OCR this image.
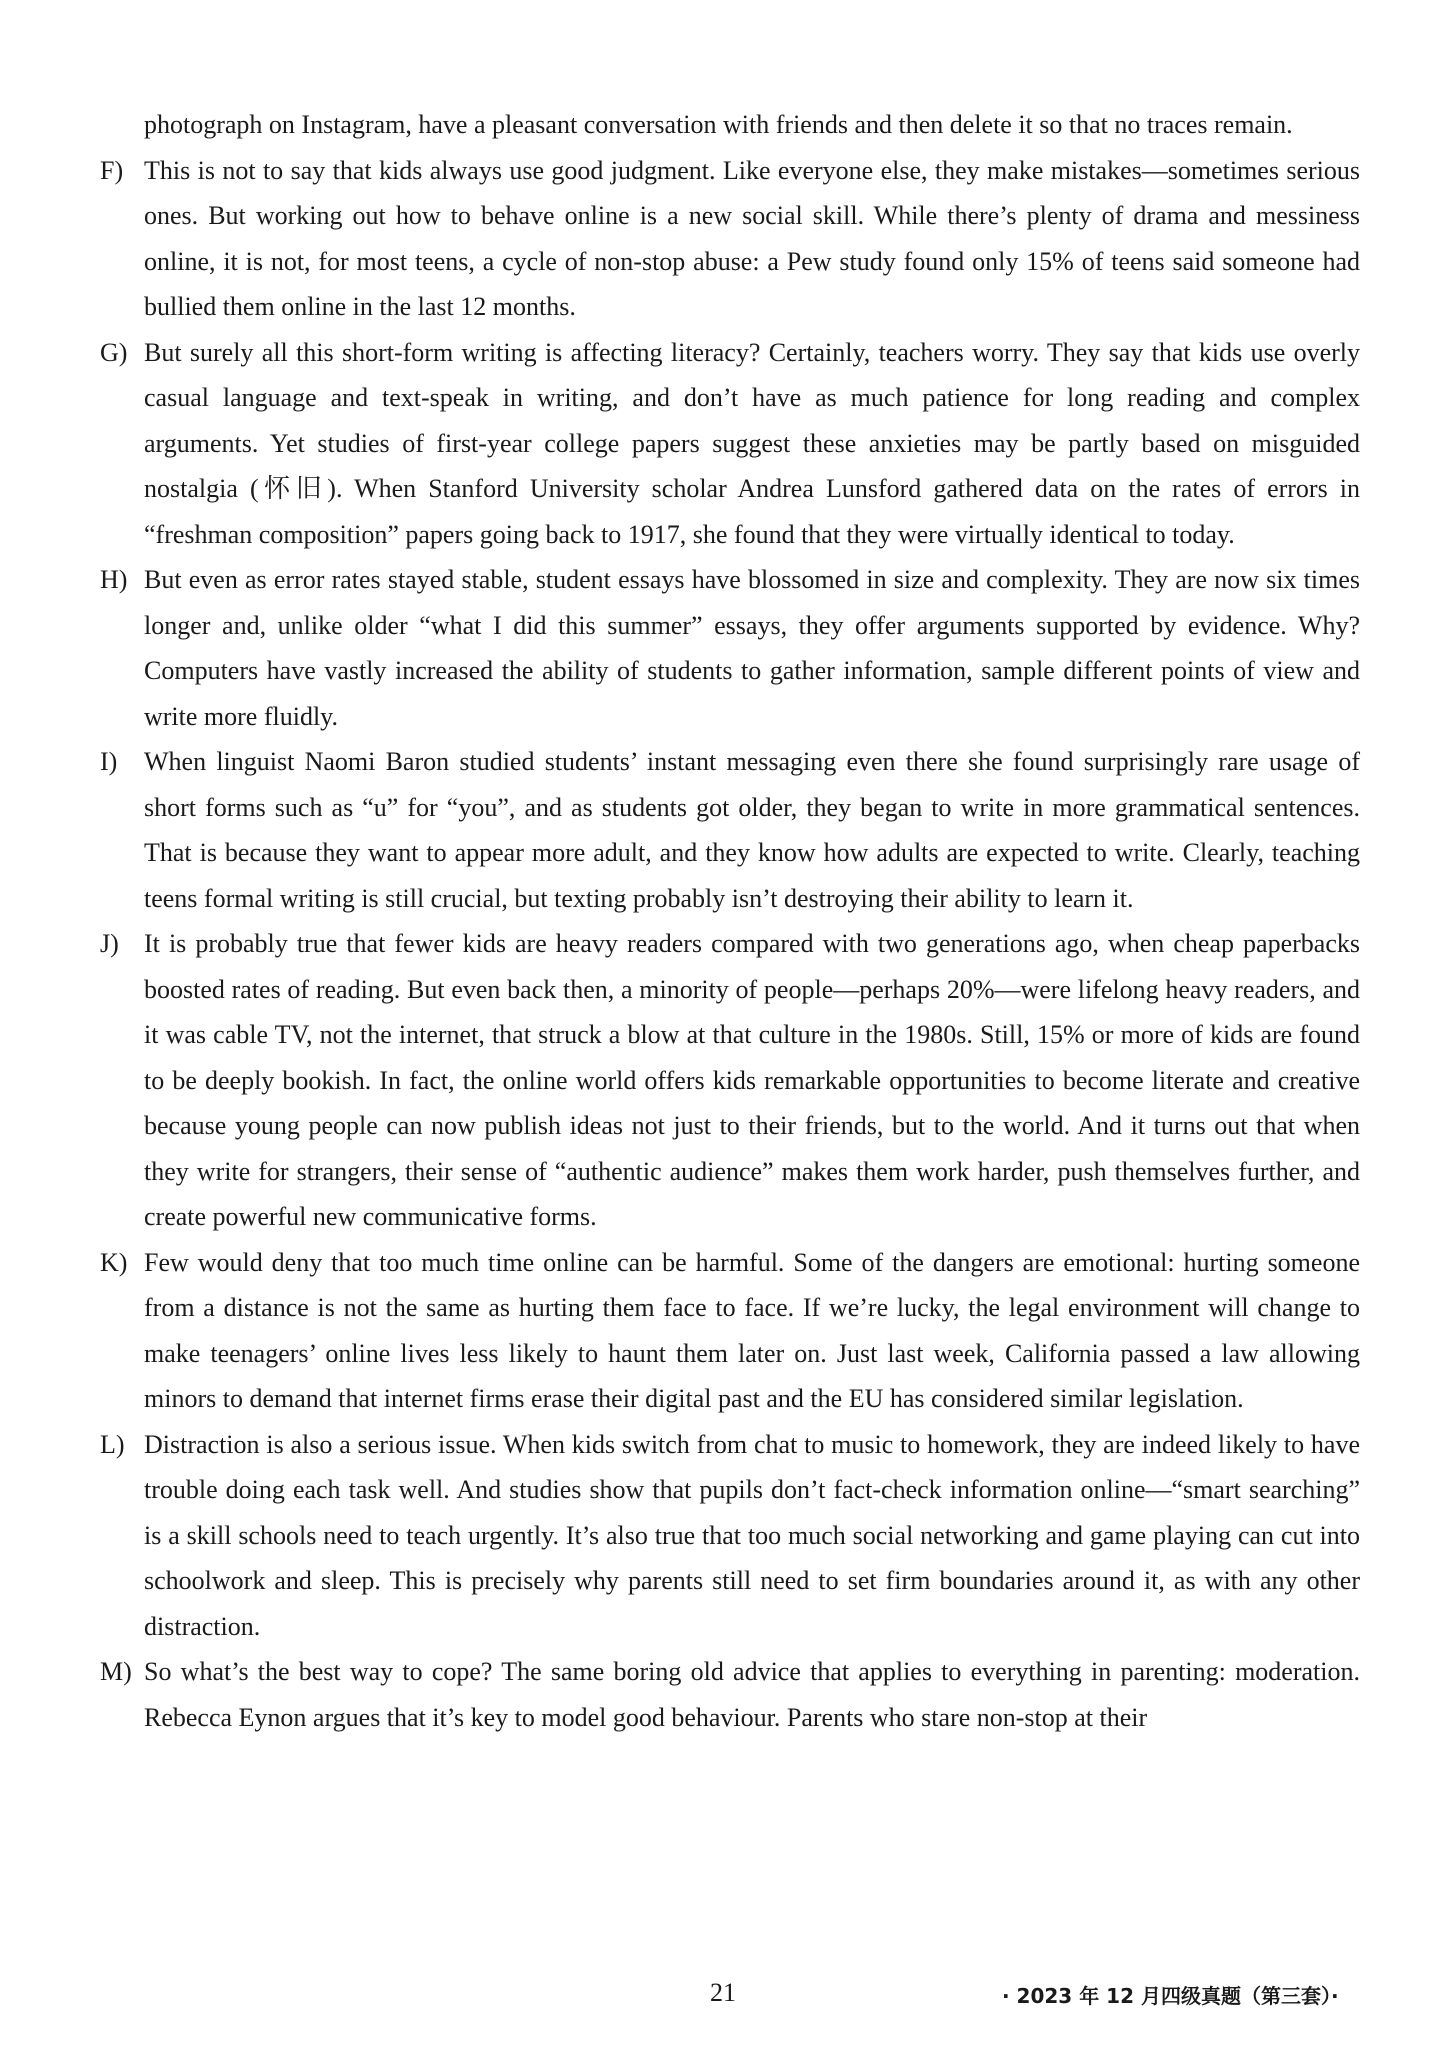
photograph on Instagram, have a pleasant conversation with friends and then delete it so that no traces remain.

F) This is not to say that kids always use good judgment. Like everyone else, they make mistakes—sometimes serious ones. But working out how to behave online is a new social skill. While there’s plenty of drama and messiness online, it is not, for most teens, a cycle of non-stop abuse: a Pew study found only 15% of teens said someone had bullied them online in the last 12 months.

G) But surely all this short-form writing is affecting literacy? Certainly, teachers worry. They say that kids use overly casual language and text-speak in writing, and don’t have as much patience for long reading and complex arguments. Yet studies of first-year college papers suggest these anxieties may be partly based on misguided nostalgia (怀旧). When Stanford University scholar Andrea Lunsford gathered data on the rates of errors in “freshman composition” papers going back to 1917, she found that they were virtually identical to today.

H) But even as error rates stayed stable, student essays have blossomed in size and complexity. They are now six times longer and, unlike older “what I did this summer” essays, they offer arguments supported by evidence. Why? Computers have vastly increased the ability of students to gather information, sample different points of view and write more fluidly.

I) When linguist Naomi Baron studied students’ instant messaging even there she found surprisingly rare usage of short forms such as “u” for “you”, and as students got older, they began to write in more grammatical sentences. That is because they want to appear more adult, and they know how adults are expected to write. Clearly, teaching teens formal writing is still crucial, but texting probably isn’t destroying their ability to learn it.

J) It is probably true that fewer kids are heavy readers compared with two generations ago, when cheap paperbacks boosted rates of reading. But even back then, a minority of people—perhaps 20%—were lifelong heavy readers, and it was cable TV, not the internet, that struck a blow at that culture in the 1980s. Still, 15% or more of kids are found to be deeply bookish. In fact, the online world offers kids remarkable opportunities to become literate and creative because young people can now publish ideas not just to their friends, but to the world. And it turns out that when they write for strangers, their sense of “authentic audience” makes them work harder, push themselves further, and create powerful new communicative forms.

K) Few would deny that too much time online can be harmful. Some of the dangers are emotional: hurting someone from a distance is not the same as hurting them face to face. If we’re lucky, the legal environment will change to make teenagers’ online lives less likely to haunt them later on. Just last week, California passed a law allowing minors to demand that internet firms erase their digital past and the EU has considered similar legislation.

L) Distraction is also a serious issue. When kids switch from chat to music to homework, they are indeed likely to have trouble doing each task well. And studies show that pupils don’t fact-check information online—“smart searching” is a skill schools need to teach urgently. It’s also true that too much social networking and game playing can cut into schoolwork and sleep. This is precisely why parents still need to set firm boundaries around it, as with any other distraction.

M) So what’s the best way to cope? The same boring old advice that applies to everything in parenting: moderation. Rebecca Eynon argues that it’s key to model good behaviour. Parents who stare non-stop at their

21	· 2023 年 12 月四级真题（第三套）·
